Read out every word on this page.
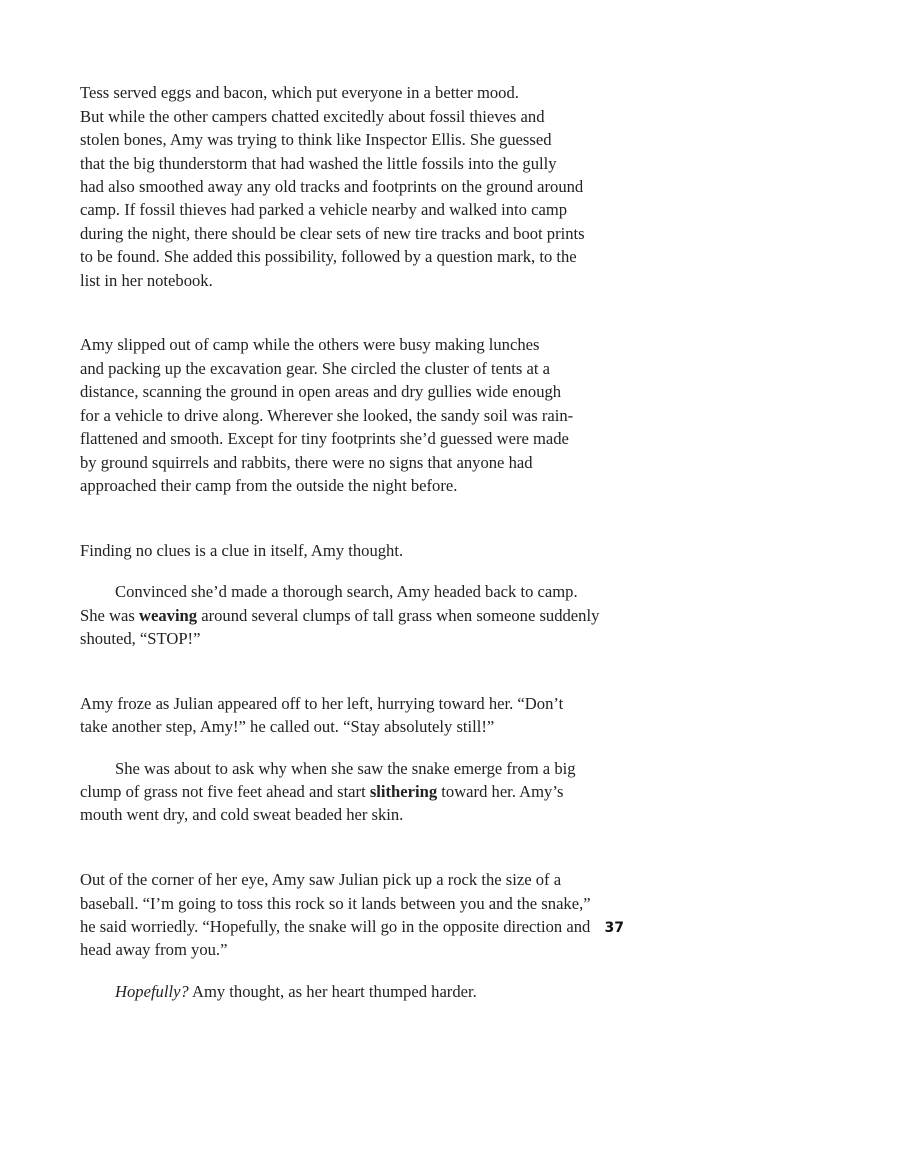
Tess served eggs and bacon, which put everyone in a better mood.
But while the other campers chatted excitedly about fossil thieves and
stolen bones, Amy was trying to think like Inspector Ellis. She guessed
that the big thunderstorm that had washed the little fossils into the gully
had also smoothed away any old tracks and footprints on the ground around
camp. If fossil thieves had parked a vehicle nearby and walked into camp
during the night, there should be clear sets of new tire tracks and boot prints
to be found. She added this possibility, followed by a question mark, to the
list in her notebook.

Amy slipped out of camp while the others were busy making lunches
and packing up the excavation gear. She circled the cluster of tents at a
distance, scanning the ground in open areas and dry gullies wide enough
for a vehicle to drive along. Wherever she looked, the sandy soil was rain-
flattened and smooth. Except for tiny footprints she’d guessed were made
by ground squirrels and rabbits, there were no signs that anyone had
approached their camp from the outside the night before.

Finding no clues is a clue in itself, Amy thought.

Convinced she’d made a thorough search, Amy headed back to camp.
She was weaving around several clumps of tall grass when someone suddenly
shouted, “STOP!”

Amy froze as Julian appeared off to her left, hurrying toward her. “Don’t
take another step, Amy!” he called out. “Stay absolutely still!”

She was about to ask why when she saw the snake emerge from a big
clump of grass not five feet ahead and start slithering toward her. Amy’s
mouth went dry, and cold sweat beaded her skin.

Out of the corner of her eye, Amy saw Julian pick up a rock the size of a
baseball. “I’m going to toss this rock so it lands between you and the snake,”
he said worriedly. “Hopefully, the snake will go in the opposite direction and
head away from you.”

Hopefully? Amy thought, as her heart thumped harder.

37
